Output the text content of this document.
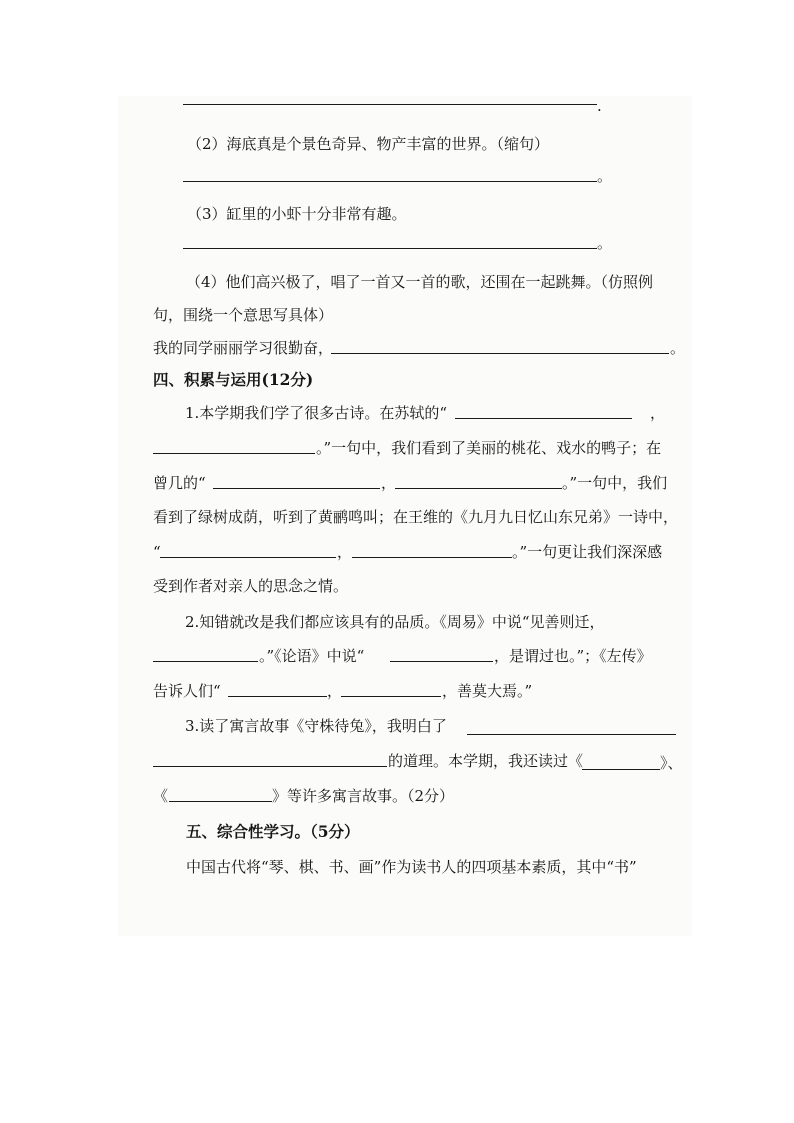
.
（2）海底真是个景色奇异、物产丰富的世界。（缩句）
。
（3）缸里的小虾十分非常有趣。
。
（4）他们高兴极了，唱了一首又一首的歌，还围在一起跳舞。（仿照例
句，围绕一个意思写具体）
我的同学丽丽学习很勤奋，	。
四、积累与运用(12分)
1.本学期我们学了很多古诗。在苏轼的“	，
。”一句中，我们看到了美丽的桃花、戏水的鸭子；在
曾几的“	，	。”一句中，我们
看到了绿树成荫，听到了黄鹂鸣叫；在王维的《九月九日忆山东兄弟》一诗中，
“	，	。”一句更让我们深深感
受到作者对亲人的思念之情。
2.知错就改是我们都应该具有的品质。《周易》中说“见善则迁，
。”《论语》中说“	，是谓过也。”；《左传》
告诉人们“	，	，善莫大焉。”
3.读了寓言故事《守株待兔》，我明白了
的道理。本学期，我还读过《	》、
《	》等许多寓言故事。（2分）
五、综合性学习。（5分）
中国古代将“琴、棋、书、画”作为读书人的四项基本素质，其中“书”
